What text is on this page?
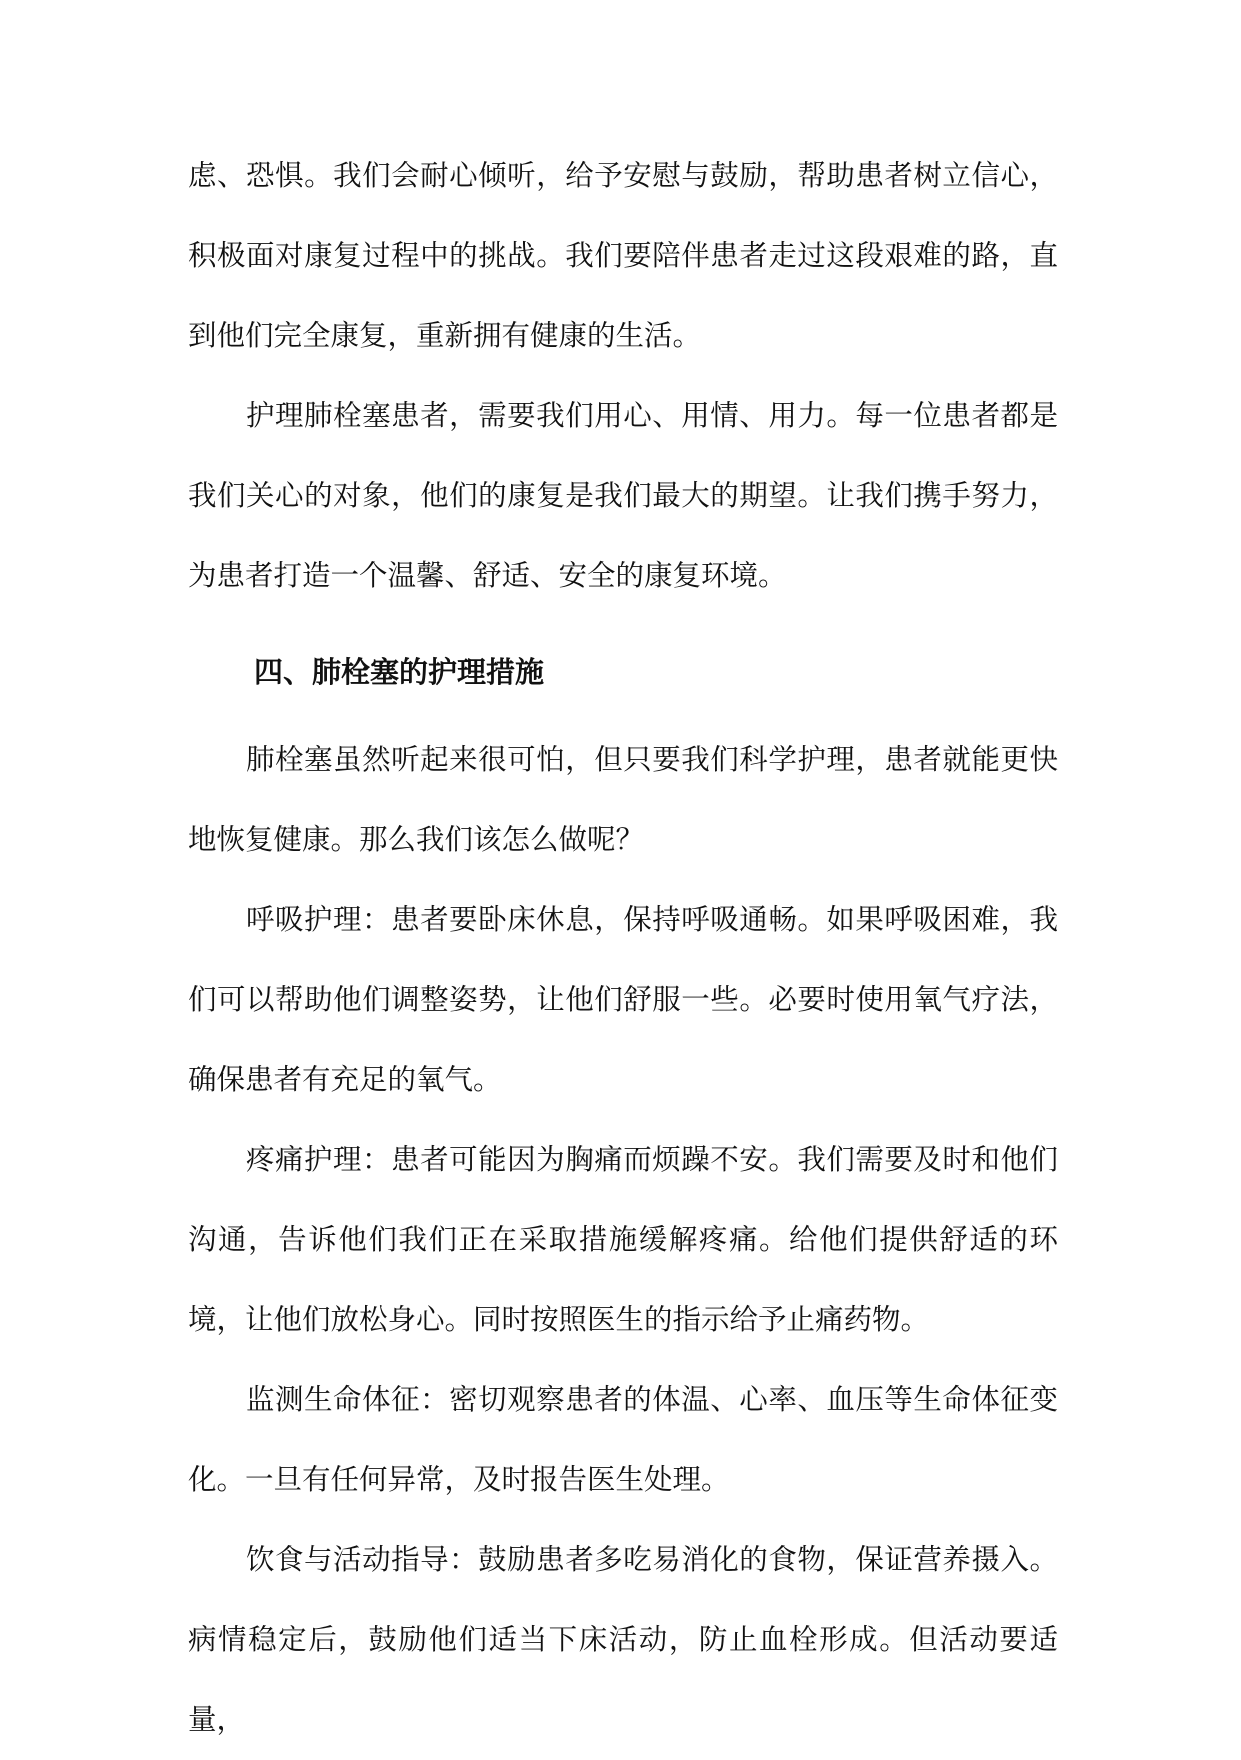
虑、恐惧。我们会耐心倾听，给予安慰与鼓励，帮助患者树立信心，积极面对康复过程中的挑战。我们要陪伴患者走过这段艰难的路，直到他们完全康复，重新拥有健康的生活。

护理肺栓塞患者，需要我们用心、用情、用力。每一位患者都是我们关心的对象，他们的康复是我们最大的期望。让我们携手努力，为患者打造一个温馨、舒适、安全的康复环境。

四、肺栓塞的护理措施

肺栓塞虽然听起来很可怕，但只要我们科学护理，患者就能更快地恢复健康。那么我们该怎么做呢？

呼吸护理：患者要卧床休息，保持呼吸通畅。如果呼吸困难，我们可以帮助他们调整姿势，让他们舒服一些。必要时使用氧气疗法，确保患者有充足的氧气。

疼痛护理：患者可能因为胸痛而烦躁不安。我们需要及时和他们沟通，告诉他们我们正在采取措施缓解疼痛。给他们提供舒适的环境，让他们放松身心。同时按照医生的指示给予止痛药物。

监测生命体征：密切观察患者的体温、心率、血压等生命体征变化。一旦有任何异常，及时报告医生处理。

饮食与活动指导：鼓励患者多吃易消化的食物，保证营养摄入。病情稳定后，鼓励他们适当下床活动，防止血栓形成。但活动要适量，
